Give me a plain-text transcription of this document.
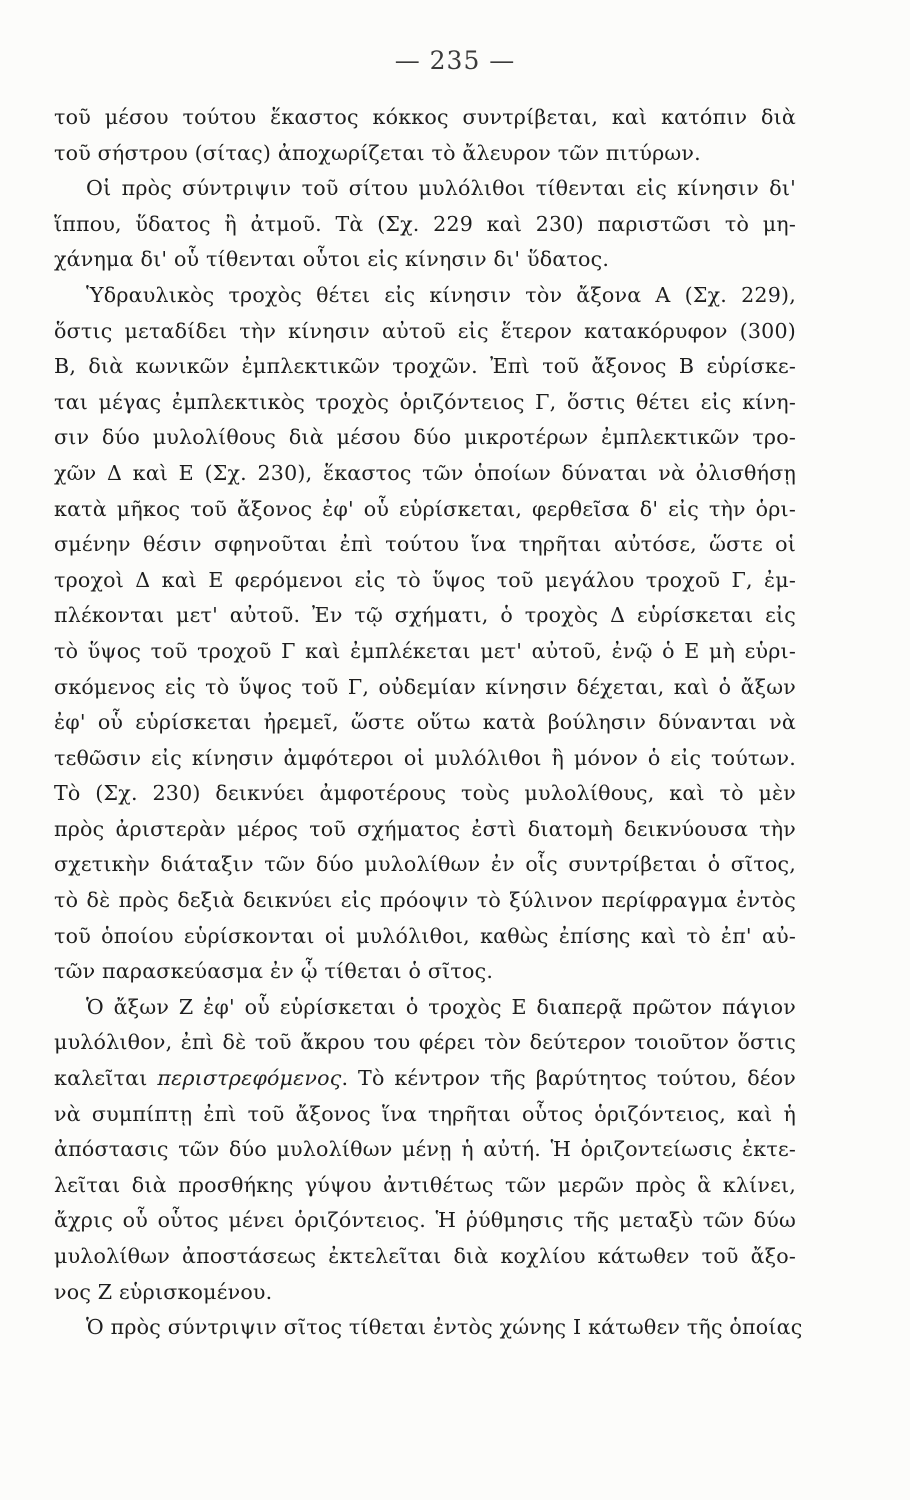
— 235 —
τοῦ μέσου τούτου ἕκαστος κόκκος συντρίβεται, καὶ κατόπιν διὰ
τοῦ σήστρου (σίτας) ἀποχωρίζεται τὸ ἄλευρον τῶν πιτύρων.
Οἱ πρὸς σύντριψιν τοῦ σίτου μυλόλιθοι τίθενται εἰς κίνησιν δι'
ἵππου, ὕδατος ἢ ἀτμοῦ. Τὰ (Σχ. 229 καὶ 230) παριστῶσι τὸ μη-
χάνημα δι' οὗ τίθενται οὗτοι εἰς κίνησιν δι' ὕδατος.
Ὑδραυλικὸς τροχὸς θέτει εἰς κίνησιν τὸν ἄξονα Α (Σχ. 229),
ὅστις μεταδίδει τὴν κίνησιν αὐτοῦ εἰς ἕτερον κατακόρυφον (300)
Β, διὰ κωνικῶν ἐμπλεκτικῶν τροχῶν. Ἐπὶ τοῦ ἄξονος Β εὑρίσκε-
ται μέγας ἐμπλεκτικὸς τροχὸς ὁριζόντειος Γ, ὅστις θέτει εἰς κίνη-
σιν δύο μυλολίθους διὰ μέσου δύο μικροτέρων ἐμπλεκτικῶν τρο-
χῶν Δ καὶ Ε (Σχ. 230), ἕκαστος τῶν ὁποίων δύναται νὰ ὀλισθήσῃ
κατὰ μῆκος τοῦ ἄξονος ἐφ' οὗ εὑρίσκεται, φερθεῖσα δ' εἰς τὴν ὁρι-
σμένην θέσιν σφηνοῦται ἐπὶ τούτου ἵνα τηρῆται αὐτόσε, ὥστε οἱ
τροχοὶ Δ καὶ Ε φερόμενοι εἰς τὸ ὕψος τοῦ μεγάλου τροχοῦ Γ, ἐμ-
πλέκονται μετ' αὐτοῦ. Ἐν τῷ σχήματι, ὁ τροχὸς Δ εὑρίσκεται εἰς
τὸ ὕψος τοῦ τροχοῦ Γ καὶ ἐμπλέκεται μετ' αὐτοῦ, ἐνῷ ὁ Ε μὴ εὑρι-
σκόμενος εἰς τὸ ὕψος τοῦ Γ, οὐδεμίαν κίνησιν δέχεται, καὶ ὁ ἄξων
ἐφ' οὗ εὑρίσκεται ἠρεμεῖ, ὥστε οὕτω κατὰ βούλησιν δύνανται νὰ
τεθῶσιν εἰς κίνησιν ἀμφότεροι οἱ μυλόλιθοι ἢ μόνον ὁ εἰς τούτων.
Τὸ (Σχ. 230) δεικνύει ἀμφοτέρους τοὺς μυλολίθους, καὶ τὸ μὲν
πρὸς ἀριστερὰν μέρος τοῦ σχήματος ἐστὶ διατομὴ δεικνύουσα τὴν
σχετικὴν διάταξιν τῶν δύο μυλολίθων ἐν οἷς συντρίβεται ὁ σῖτος,
τὸ δὲ πρὸς δεξιὰ δεικνύει εἰς πρόοψιν τὸ ξύλινον περίφραγμα ἐντὸς
τοῦ ὁποίου εὑρίσκονται οἱ μυλόλιθοι, καθὼς ἐπίσης καὶ τὸ ἐπ' αὐ-
τῶν παρασκεύασμα ἐν ᾧ τίθεται ὁ σῖτος.
Ὁ ἄξων Ζ ἐφ' οὗ εὑρίσκεται ὁ τροχὸς Ε διαπερᾷ πρῶτον πάγιον
μυλόλιθον, ἐπὶ δὲ τοῦ ἄκρου του φέρει τὸν δεύτερον τοιοῦτον ὅστις
καλεῖται περιστρεφόμενος. Τὸ κέντρον τῆς βαρύτητος τούτου, δέον
νὰ συμπίπτῃ ἐπὶ τοῦ ἄξονος ἵνα τηρῆται οὗτος ὁριζόντειος, καὶ ἡ
ἀπόστασις τῶν δύο μυλολίθων μένῃ ἡ αὐτή. Ἡ ὁριζοντείωσις ἐκτε-
λεῖται διὰ προσθήκης γύψου ἀντιθέτως τῶν μερῶν πρὸς ἃ κλίνει,
ἄχρις οὗ οὗτος μένει ὁριζόντειος. Ἡ ῥύθμησις τῆς μεταξὺ τῶν δύω
μυλολίθων ἀποστάσεως ἐκτελεῖται διὰ κοχλίου κάτωθεν τοῦ ἄξο-
νος Ζ εὑρισκομένου.
Ὁ πρὸς σύντριψιν σῖτος τίθεται ἐντὸς χώνης Ι κάτωθεν τῆς ὁποίας
